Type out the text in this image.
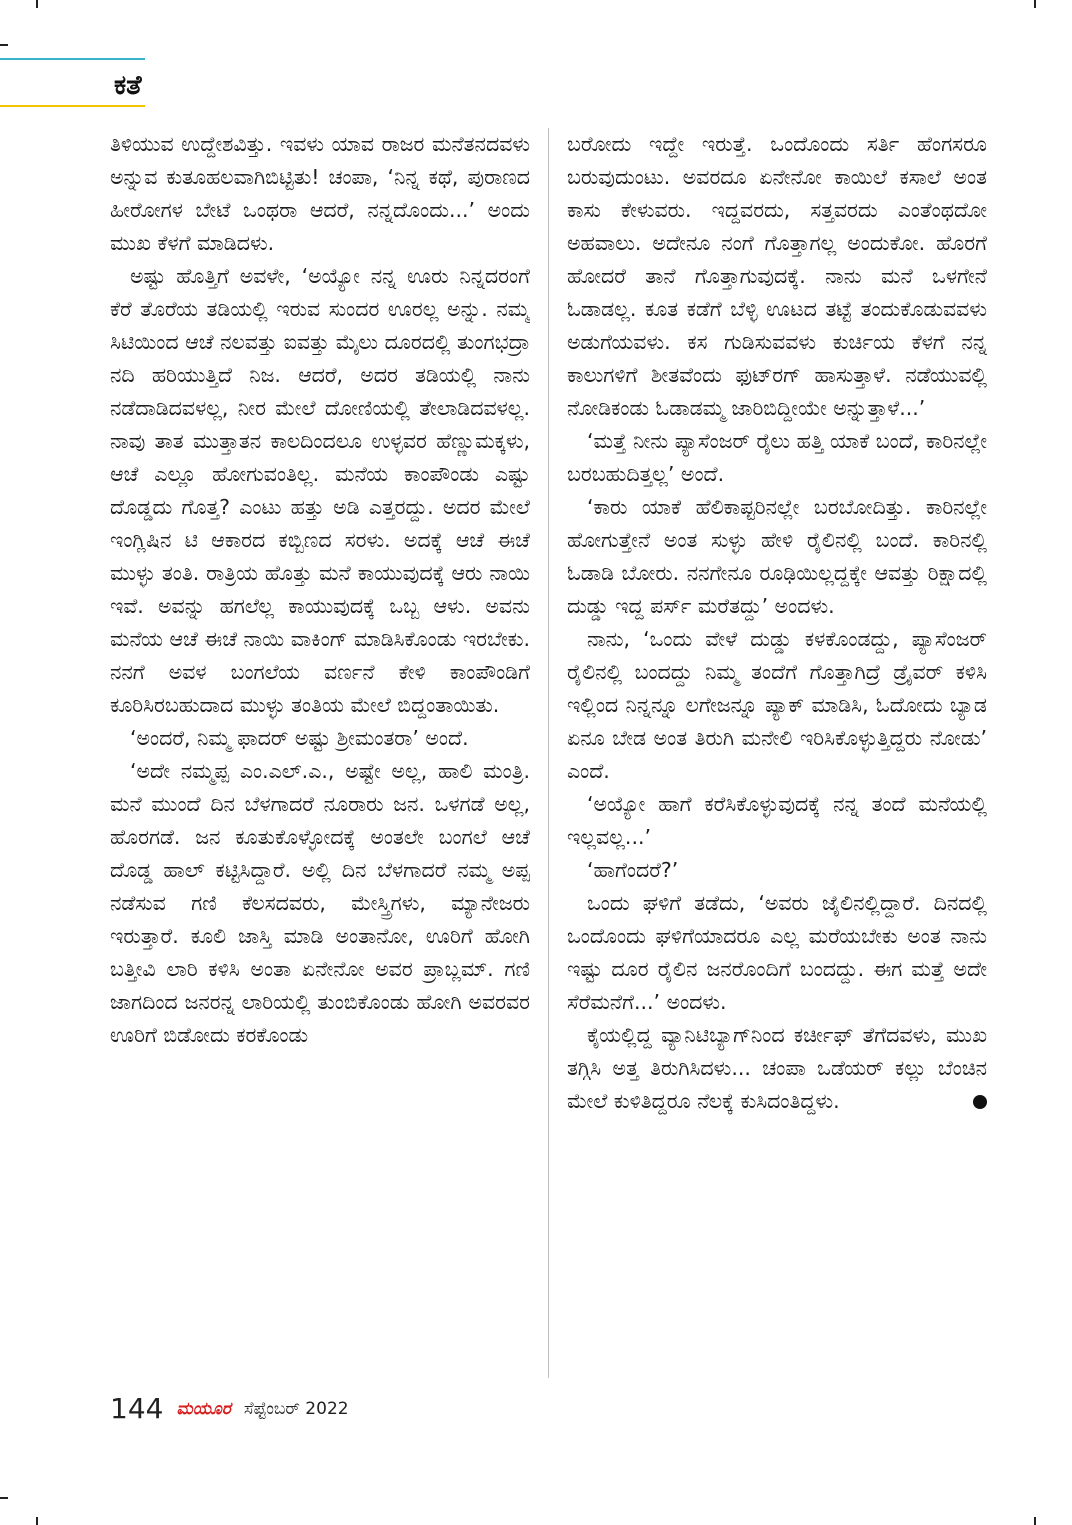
ಕತೆ

ತಿಳಿಯುವ ಉದ್ದೇಶವಿತ್ತು. ಇವಳು ಯಾವ ರಾಜರ ಮನೆತನದವಳು ಅನ್ನುವ ಕುತೂಹಲವಾಗಿಬಿಟ್ಟಿತು! ಚಂಪಾ, ‘ನಿನ್ನ ಕಥೆ, ಪುರಾಣದ ಹೀರೋಗಳ ಬೇಟೆ ಒಂಥರಾ ಆದರೆ, ನನ್ನದೊಂದು...’ ಅಂದು ಮುಖ ಕೆಳಗೆ ಮಾಡಿದಳು.

ಅಷ್ಟು ಹೊತ್ತಿಗೆ ಅವಳೇ, ‘ಅಯ್ಯೋ ನನ್ನ ಊರು ನಿನ್ನದರಂಗೆ ಕೆರೆ ತೊರೆಯ ತಡಿಯಲ್ಲಿ ಇರುವ ಸುಂದರ ಊರಲ್ಲ ಅನ್ನು. ನಮ್ಮ ಸಿಟಿಯಿಂದ ಆಚೆ ನಲವತ್ತು ಐವತ್ತು ಮೈಲು ದೂರದಲ್ಲಿ ತುಂಗಭದ್ರಾ ನದಿ ಹರಿಯುತ್ತಿದೆ ನಿಜ. ಆದರೆ, ಅದರ ತಡಿಯಲ್ಲಿ ನಾನು ನಡೆದಾಡಿದವಳಲ್ಲ, ನೀರ ಮೇಲೆ ದೋಣಿಯಲ್ಲಿ ತೇಲಾಡಿದವಳಲ್ಲ. ನಾವು ತಾತ ಮುತ್ತಾತನ ಕಾಲದಿಂದಲೂ ಉಳ್ಳವರ ಹೆಣ್ಣುಮಕ್ಕಳು, ಆಚೆ ಎಲ್ಲೂ ಹೋಗುವಂತಿಲ್ಲ. ಮನೆಯ ಕಾಂಪೌಂಡು ಎಷ್ಟು ದೊಡ್ಡದು ಗೊತ್ತ? ಎಂಟು ಹತ್ತು ಅಡಿ ಎತ್ತರದ್ದು. ಅದರ ಮೇಲೆ ಇಂಗ್ಲಿಷಿನ ಟಿ ಆಕಾರದ ಕಬ್ಬಿಣದ ಸರಳು. ಅದಕ್ಕೆ ಆಚೆ ಈಚೆ ಮುಳ್ಳು ತಂತಿ. ರಾತ್ರಿಯ ಹೊತ್ತು ಮನೆ ಕಾಯುವುದಕ್ಕೆ ಆರು ನಾಯಿ ಇವೆ. ಅವನ್ನು ಹಗಲೆಲ್ಲ ಕಾಯುವುದಕ್ಕೆ ಒಬ್ಬ ಆಳು. ಅವನು ಮನೆಯ ಆಚೆ ಈಚೆ ನಾಯಿ ವಾಕಿಂಗ್ ಮಾಡಿಸಿಕೊಂಡು ಇರಬೇಕು. ನನಗೆ ಅವಳ ಬಂಗಲೆಯ ವರ್ಣನೆ ಕೇಳಿ ಕಾಂಪೌಂಡಿಗೆ ಕೂರಿಸಿರಬಹುದಾದ ಮುಳ್ಳು ತಂತಿಯ ಮೇಲೆ ಬಿದ್ದಂತಾಯಿತು.

‘ಅಂದರೆ, ನಿಮ್ಮ ಫಾದರ್ ಅಷ್ಟು ಶ್ರೀಮಂತರಾ’ ಅಂದೆ.

‘ಅದೇ ನಮ್ಮಪ್ಪ ಎಂ.ಎಲ್.ಎ., ಅಷ್ಟೇ ಅಲ್ಲ, ಹಾಲಿ ಮಂತ್ರಿ. ಮನೆ ಮುಂದೆ ದಿನ ಬೆಳಗಾದರೆ ನೂರಾರು ಜನ. ಒಳಗಡೆ ಅಲ್ಲ, ಹೊರಗಡೆ. ಜನ ಕೂತುಕೊಳ್ಳೋದಕ್ಕೆ ಅಂತಲೇ ಬಂಗಲೆ ಆಚೆ ದೊಡ್ಡ ಹಾಲ್ ಕಟ್ಟಿಸಿದ್ದಾರೆ. ಅಲ್ಲಿ ದಿನ ಬೆಳಗಾದರೆ ನಮ್ಮ ಅಪ್ಪ ನಡೆಸುವ ಗಣಿ ಕೆಲಸದವರು, ಮೇಸ್ತ್ರಿಗಳು, ಮ್ಯಾನೇಜರು ಇರುತ್ತಾರೆ. ಕೂಲಿ ಜಾಸ್ತಿ ಮಾಡಿ ಅಂತಾನೋ, ಊರಿಗೆ ಹೋಗಿ ಬತ್ತೀವಿ ಲಾರಿ ಕಳಿಸಿ ಅಂತಾ ಏನೇನೋ ಅವರ ಪ್ರಾಬ್ಲಮ್. ಗಣಿ ಜಾಗದಿಂದ ಜನರನ್ನ ಲಾರಿಯಲ್ಲಿ ತುಂಬಿಕೊಂಡು ಹೋಗಿ ಅವರವರ ಊರಿಗೆ ಬಿಡೋದು ಕರಕೊಂಡು

ಬರೋದು ಇದ್ದೇ ಇರುತ್ತೆ. ಒಂದೊಂದು ಸರ್ತಿ ಹೆಂಗಸರೂ ಬರುವುದುಂಟು. ಅವರದೂ ಏನೇನೋ ಕಾಯಿಲೆ ಕಸಾಲೆ ಅಂತ ಕಾಸು ಕೇಳುವರು. ಇದ್ದವರದು, ಸತ್ತವರದು ಎಂತೆಂಥದೋ ಅಹವಾಲು. ಅದೇನೂ ನಂಗೆ ಗೊತ್ತಾಗಲ್ಲ ಅಂದುಕೋ. ಹೊರಗೆ ಹೋದರೆ ತಾನೆ ಗೊತ್ತಾಗುವುದಕ್ಕೆ. ನಾನು ಮನೆ ಒಳಗೇನೆ ಓಡಾಡಲ್ಲ. ಕೂತ ಕಡೆಗೆ ಬೆಳ್ಳಿ ಊಟದ ತಟ್ಟೆ ತಂದುಕೊಡುವವಳು ಅಡುಗೆಯವಳು. ಕಸ ಗುಡಿಸುವವಳು ಕುರ್ಚಿಯ ಕೆಳಗೆ ನನ್ನ ಕಾಲುಗಳಿಗೆ ಶೀತವೆಂದು ಫುಟ್‌ರಗ್ ಹಾಸುತ್ತಾಳೆ. ನಡೆಯುವಲ್ಲಿ ನೋಡಿಕಂಡು ಓಡಾಡಮ್ಮ ಜಾರಿಬಿದ್ದೀಯೇ ಅನ್ನುತ್ತಾಳೆ...’

‘ಮತ್ತೆ ನೀನು ಪ್ಯಾಸೆಂಜರ್ ರೈಲು ಹತ್ತಿ ಯಾಕೆ ಬಂದೆ, ಕಾರಿನಲ್ಲೇ ಬರಬಹುದಿತ್ತಲ್ಲ’ ಅಂದೆ.

‘ಕಾರು ಯಾಕೆ ಹೆಲಿಕಾಪ್ಟರಿನಲ್ಲೇ ಬರಬೋದಿತ್ತು. ಕಾರಿನಲ್ಲೇ ಹೋಗುತ್ತೇನೆ ಅಂತ ಸುಳ್ಳು ಹೇಳಿ ರೈಲಿನಲ್ಲಿ ಬಂದೆ. ಕಾರಿನಲ್ಲಿ ಓಡಾಡಿ ಬೋರು. ನನಗೇನೂ ರೂಢಿಯಿಲ್ಲದ್ದಕ್ಕೇ ಆವತ್ತು ರಿಕ್ಷಾದಲ್ಲಿ ದುಡ್ಡು ಇದ್ದ ಪರ್ಸ್ ಮರೆತದ್ದು’ ಅಂದಳು.

ನಾನು, ‘ಒಂದು ವೇಳೆ ದುಡ್ಡು ಕಳಕೊಂಡದ್ದು, ಪ್ಯಾಸೆಂಜರ್ ರೈಲಿನಲ್ಲಿ ಬಂದದ್ದು ನಿಮ್ಮ ತಂದೆಗೆ ಗೊತ್ತಾಗಿದ್ರೆ ಡ್ರೈವರ್ ಕಳಿಸಿ ಇಲ್ಲಿಂದ ನಿನ್ನನ್ನೂ ಲಗೇಜನ್ನೂ ಪ್ಯಾಕ್ ಮಾಡಿಸಿ, ಓದೋದು ಬ್ಯಾಡ ಏನೂ ಬೇಡ ಅಂತ ತಿರುಗಿ ಮನೇಲಿ ಇರಿಸಿಕೊಳ್ಳುತ್ತಿದ್ದರು ನೋಡು’ ಎಂದೆ.

‘ಅಯ್ಯೋ ಹಾಗೆ ಕರೆಸಿಕೊಳ್ಳುವುದಕ್ಕೆ ನನ್ನ ತಂದೆ ಮನೆಯಲ್ಲಿ ಇಲ್ಲವಲ್ಲ...’

‘ಹಾಗೆಂದರೆ?’

ಒಂದು ಘಳಿಗೆ ತಡೆದು, ‘ಅವರು ಜೈಲಿನಲ್ಲಿದ್ದಾರೆ. ದಿನದಲ್ಲಿ ಒಂದೊಂದು ಘಳಿಗೆಯಾದರೂ ಎಲ್ಲ ಮರೆಯಬೇಕು ಅಂತ ನಾನು ಇಷ್ಟು ದೂರ ರೈಲಿನ ಜನರೊಂದಿಗೆ ಬಂದದ್ದು. ಈಗ ಮತ್ತೆ ಅದೇ ಸೆರೆಮನೆಗೆ...’ ಅಂದಳು.

ಕೈಯಲ್ಲಿದ್ದ ವ್ಯಾನಿಟಿಬ್ಯಾಗ್‌ನಿಂದ ಕರ್ಚೀಫ್ ತೆಗೆದವಳು, ಮುಖ ತಗ್ಗಿಸಿ ಅತ್ತ ತಿರುಗಿಸಿದಳು... ಚಂಪಾ ಒಡೆಯರ್ ಕಲ್ಲು ಬೆಂಚಿನ ಮೇಲೆ ಕುಳಿತಿದ್ದರೂ ನೆಲಕ್ಕೆ ಕುಸಿದಂತಿದ್ದಳು.

144 ಮಯೂರ ಸೆಪ್ಟೆಂಬರ್ 2022
